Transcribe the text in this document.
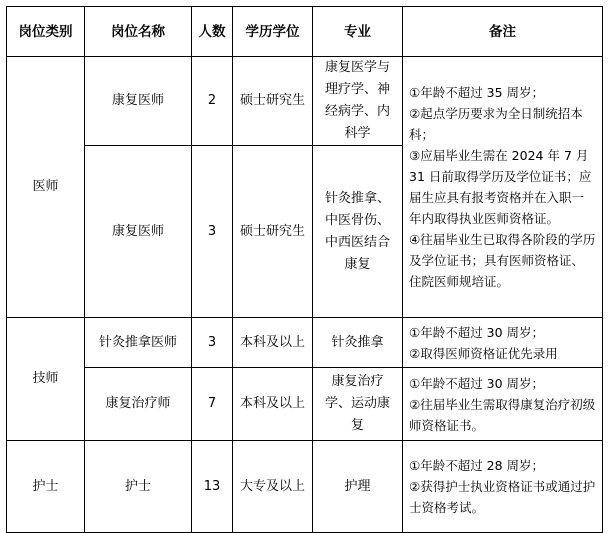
岗位类别	岗位名称	人数	学历学位	专业	备注
医师	康复医师	2	硕士研究生	康复医学与理疗学、神经病学、内科学	①年龄不超过 35 周岁；
②起点学历要求为全日制统招本科；
③应届毕业生需在 2024 年 7 月 31 日前取得学历及学位证书；应届生应具有报考资格并在入职一年内取得执业医师资格证。
④往届毕业生已取得各阶段的学历及学位证书；具有医师资格证、住院医师规培证。

	康复医师	3	硕士研究生	针灸推拿、中医骨伤、中西医结合康复	
技师	针灸推拿医师	3	本科及以上	针灸推拿	①年龄不超过 30 周岁；
②取得医师资格证优先录用

	康复治疗师	7	本科及以上	康复治疗学、运动康复	①年龄不超过 30 周岁；
②往届毕业生需取得康复治疗初级师资格证书。

护士	护士	13	大专及以上	护理	①年龄不超过 28 周岁；
②获得护士执业资格证书或通过护士资格考试。
